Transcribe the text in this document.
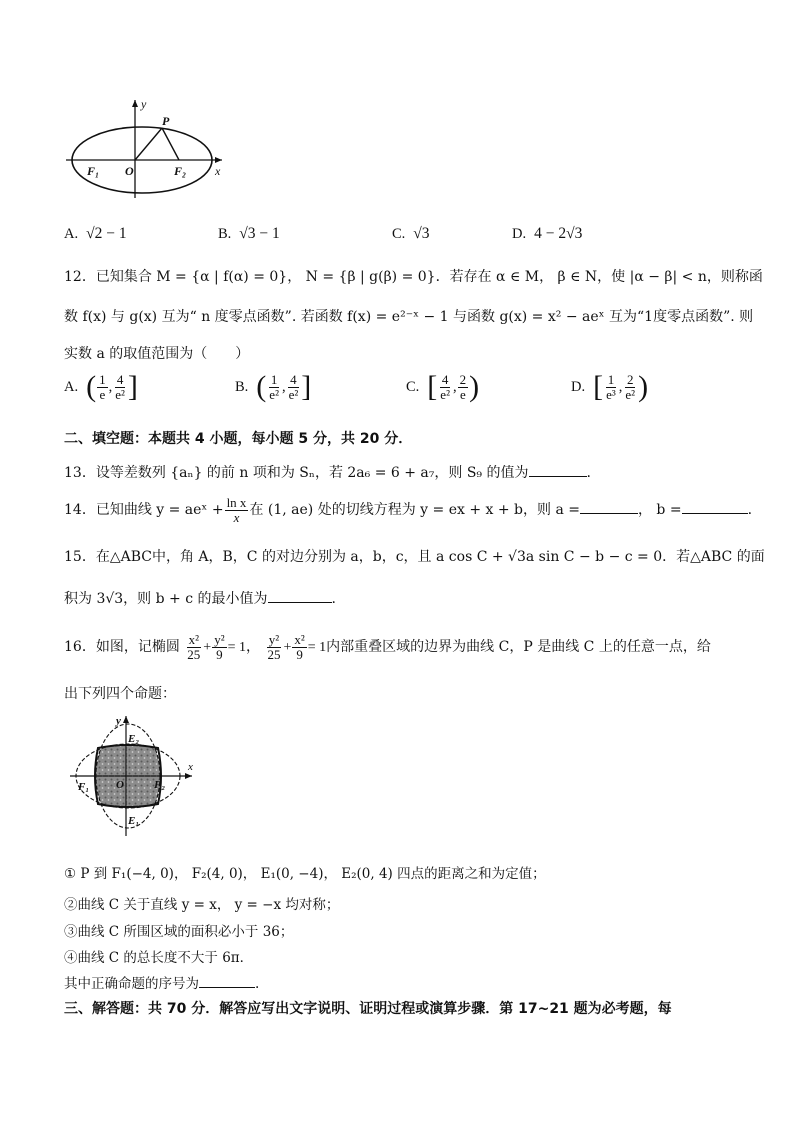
y
x
P
O
F₁	F₂
A. √2 − 1	B. √3 − 1	C. √3	D. 4 − 2√3
12．已知集合 M = {α | f(α) = 0}， N = {β | g(β) = 0}．若存在 α ∈ M， β ∈ N，使 |α − β| < n，则称函
数 f(x) 与 g(x) 互为“ n 度零点函数”. 若函数 f(x) = e²⁻ˣ − 1 与函数 g(x) = x² − aeˣ 互为“1度零点函数”. 则
实数 a 的取值范围为（　　）
A. ( $\frac{1}{e}$ , $\frac{4}{\text{e²}}$ ]	B. ( $\frac{1}{\text{e²}}$ , $\frac{4}{\text{e²}}$ ]	C. [ $\frac{4}{\text{e²}}$ , $\frac{2}{e}$ )	D. [ $\frac{1}{\text{e³}}$ , $\frac{2}{\text{e²}}$ )
二、填空题：本题共 4 小题，每小题 5 分，共 20 分．
13．设等差数列 {aₙ} 的前 n 项和为 Sₙ，若 2a₆ = 6 + a₇，则 S₉ 的值为	.
14．已知曲线 y = aeˣ + $\frac{\text{ln x}}{x}$ 在 (1, ae) 处的切线方程为 y = ex + x + b，则 a =	， b =	.
15．在△ABC中，角 A，B，C 的对边分别为 a，b，c，且 a cos C + √3a sin C − b − c = 0．若△ABC 的面
积为 3√3，则 b + c 的最小值为	.
16．如图，记椭圆 $\frac{\text{x²}}{25} + \frac{\text{y²}}{9} = 1$， $\frac{\text{y²}}{25} + \frac{\text{x²}}{9} = 1$内部重叠区域的边界为曲线 C，P 是曲线 C 上的任意一点，给
出下列四个命题：
y
x
O
F₁	F₂
E₂
E₁
① P 到 F₁(−4, 0)， F₂(4, 0)， E₁(0, −4)， E₂(0, 4) 四点的距离之和为定值；
②曲线 C 关于直线 y = x， y = −x 均对称；
③曲线 C 所围区域的面积必小于 36；
④曲线 C 的总长度不大于 6π．
其中正确命题的序号为	.
三、解答题：共 70 分．解答应写出文字说明、证明过程或演算步骤．第 17~21 题为必考题，每
